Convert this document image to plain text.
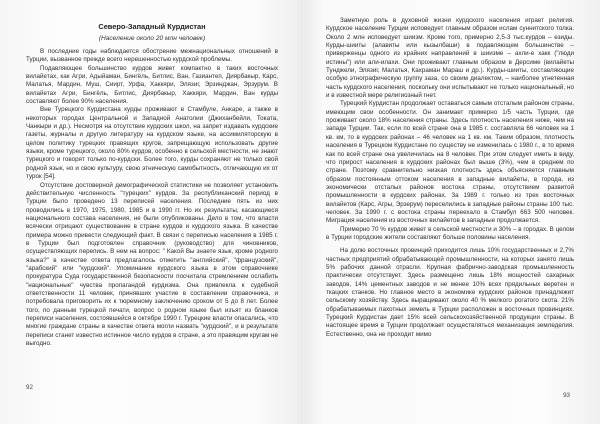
Северо-Западный Курдистан
(Население около 20 млн человек)

В последние годы наблюдается обострение межнациональных отношений в Турции, вызванное прежде всего нерешенностью курдской проблемы.

Подавляющее большинство курдов живет компактно в таких восточных вилайетах, как Агри, Адыйаман, Бингёль, Битлис, Ван, Газиантеп, Диярбакыр, Карс, Малатья, Мардин, Муш, Сиирт, Урфа, Хаккяри, Элязиг, Эрзинджан, Эрзурум. В вилайетах Агри, Бингёль, Битлис, Диярбакыр, Хаккяри, Мардин, Ван курды составляют более 90% населения.

Вне Турецкого Курдистана курды проживают в Стамбуле, Анкаре, а также в некоторых городах Центральной и Западной Анатолии (Джиханбейли, Токата, Чанкыри и др.). Несмотря на отсутствие курдских школ, на запрет издавать курдские газеты, журналы и другую литературу на курдском языке, на ассимиляторскую в целом политику турецких правящих кругов, запрещающую использовать другие языки, кроме турецкого, около 80% курдов, особенно в сельской местности, не знают турецкого и говорят только по-курдски. Более того, курды сохраняют не только свой родной язык, но и свою культуру, свою этническую самобытность, отличающую их от турок [54].

Отсутствие достоверной демографической статистики не позволяет установить действительную численность "турецких" курдов. За республиканский период в Турции было проведено 13 переписей населения. Последние пять из них проводились в 1970, 1975, 1980, 1985 и в 1990 гг. Но их результаты, касающиеся национального состава населения, не были опубликованы. Дело в том, что власти всячески отрицают существование в стране курдов и курдского языка. В качестве примера можно привести следующий факт. В связи с переписью населения в 1985 г. в Турции был подготовлен справочник (руководство) для чиновников, осуществляющих перепись. В нем на вопрос: " Какой Вы знаете язык, кроме родного языка?" в качестве ответа предлагалось отметить "английский", "французский", "арабский" или "курдский". Упоминание курдского языка в этом справочнике прокуратура Суда государственной безопасности посчитала стремлением ослабить "национальные" чувства пропагандой курдизма. Она привлекла к судебной ответственности 11 человек, принявших участие в составлении справочника, и потребовала приговорить их к тюремному заключению сроком от 5 до 8 лет. Более того, по данным турецкой печати, вопрос о родном языке был изъят из бланков переписи населения, состоявшейся в октябре 1990 г. Турецкие власти опасались, что многие граждане страны в качестве ответа могли назвать "курдский", и в результате переписи станет известно истинное число курдов в стране, а это правящим кругам не выгодно.

92

Заметную роль в духовной жизни курдского населения играет религия. Курдское население Турции исповедует главным образом ислам суннитского толка. Около 2 млн исповедует шиизм. Кроме того, примерно 2,5-3 тыс.курдов – езиды. Курды-шииты (алавиты или кызылбаши) в подавляющем большинстве – приверженцы одного из крайних направлений в шиизме – ахли-е хакк ("люди истины") или али-илахи. Они проживают главным образом в Дерсиме (вилайеты Тунджели, Элязиг, Малатья, Кахраман Мараш и др.). Курды-шииты, составляющие особую этнографическую группу заза, со своим диалектом, – наиболее угнетенная часть курдского населения, поскольку они испытывают не только национальный, но и в известной мере религиозный гнет.

Турецкий Курдистан продолжает оставаться самым отсталым районом страны, имеющим свои особенности. Он занимает примерно 1/5 часть Турции, где проживает около 18% населения страны. Здесь плотность населения ниже, чем на западе Турции. Так, если по всей стране она в 1985 г. составляла 66 человек на 1 кв. км, то в курдских районах – 46 человек на 1 кв. км. Таким образом, плотность населения в Турецком Курдистане по существу не изменилась с 1980 г., в то время как по всей стране она увеличилась на 8 человек. При этом следует иметь в виду, что прирост населения в курдских районах был выше (3%), чем в среднем по стране. Поэтому сравнительно низкая плотность здесь объясняется главным образом постоянным оттоком населения в западные вилайеты, в города, из экономически отсталых районов востока страны, отсутствием развитой промышленности в курдских районах. За 1989 г. только из трех восточных вилайетов (Карс, Агры, Эрзерум) переселились в западные районы страны 100 тыс. человек. За 1990 г. с востока страны переехало в Стамбул 663 500 человек. Миграция населения из восточных вилайетов в западные продолжается.

Примерно 70 % курдов живет в сельской местности и 30% – в городах. В целом в Турции городские жители составляют больше половины населения.

На долю восточных провинций приходится лишь 10% государственных и 2,7% частных предприятий обрабатывающей промышленности, на которых занято лишь 5% рабочих данной отрасли. Крупная фабрично-заводская промышленность практически отсутствует. Здесь размещено лишь 18% мощностей сахарных заводов, 14% цементных заводов и не менее 10% всех прядильных веретен и ткацких станков. Но главное место в экономике курдских районов принадлежит сельскому хозяйству. Здесь выращивают около 40 % мелкого рогатого скота. 21% обрабатываемых пахотных земель в Турции расположен в восточных провинциях. Турецкий Курдистан дает 15% всей сельскохозяйственной продукции страны. В настоящее время в Турции продолжает осуществляться механизация земледелия. Естественно, она не проходит мимо

93
